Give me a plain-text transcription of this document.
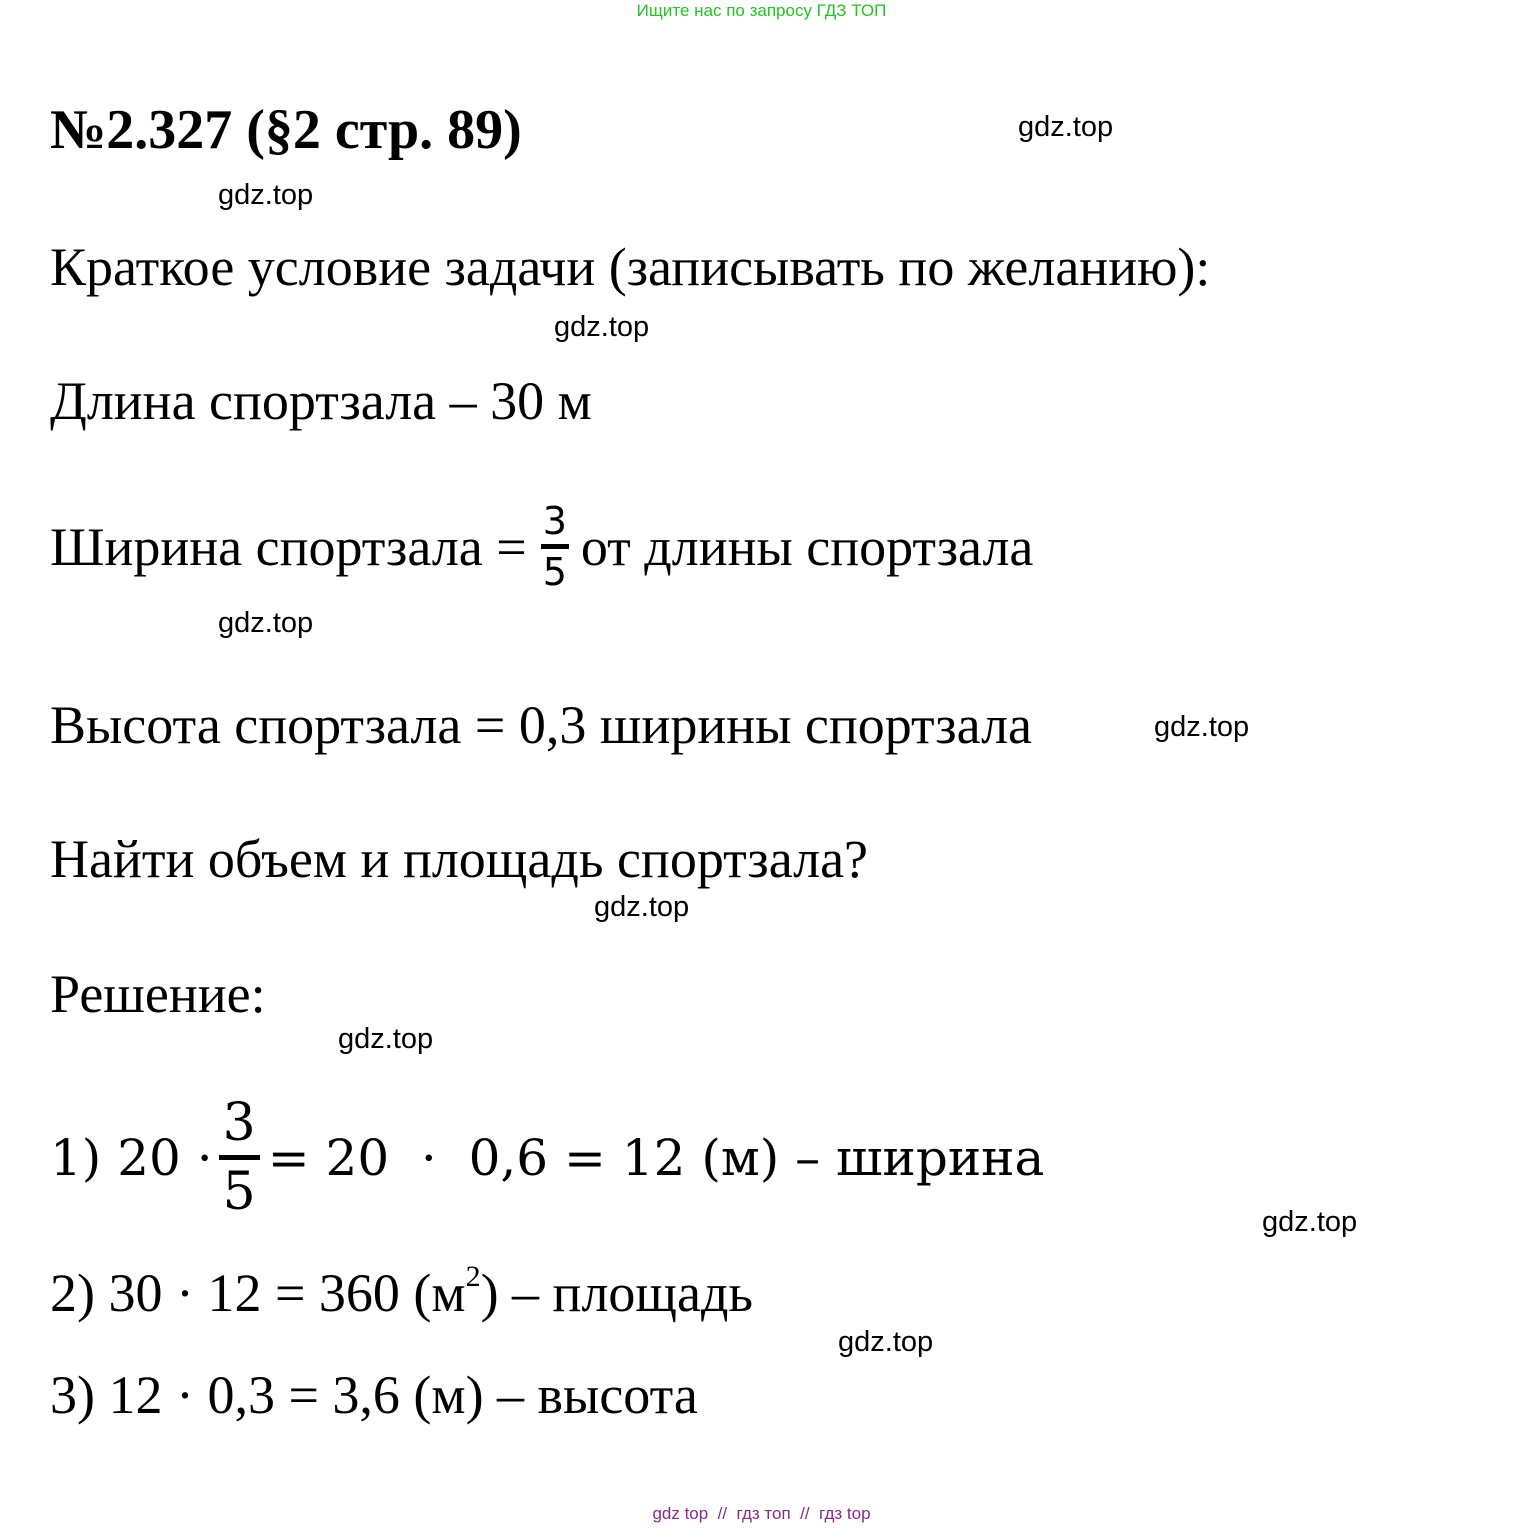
Ищите нас по запросу ГДЗ ТОП
№2.327 (§2 стр. 89)	gdz.top
gdz.top
Краткое условие задачи (записывать по желанию):
gdz.top
Длина спортзала – 30 м
Ширина спортзала = 3
5 от длины спортзала
gdz.top
Высота спортзала = 0,3 ширины спортзала	gdz.top
Найти объем и площадь спортзала?
gdz.top
Решение:
gdz.top
1) 20 ·
3
5
= 20  ·  0,6 = 12 (м) – ширина
gdz.top
2) 30 · 12 = 360 $(м^2)$ – площадь
gdz.top
3) 12 · 0,3 = 3,6 (м) – высота
gdz top  //  гдз топ  //  гдз top
